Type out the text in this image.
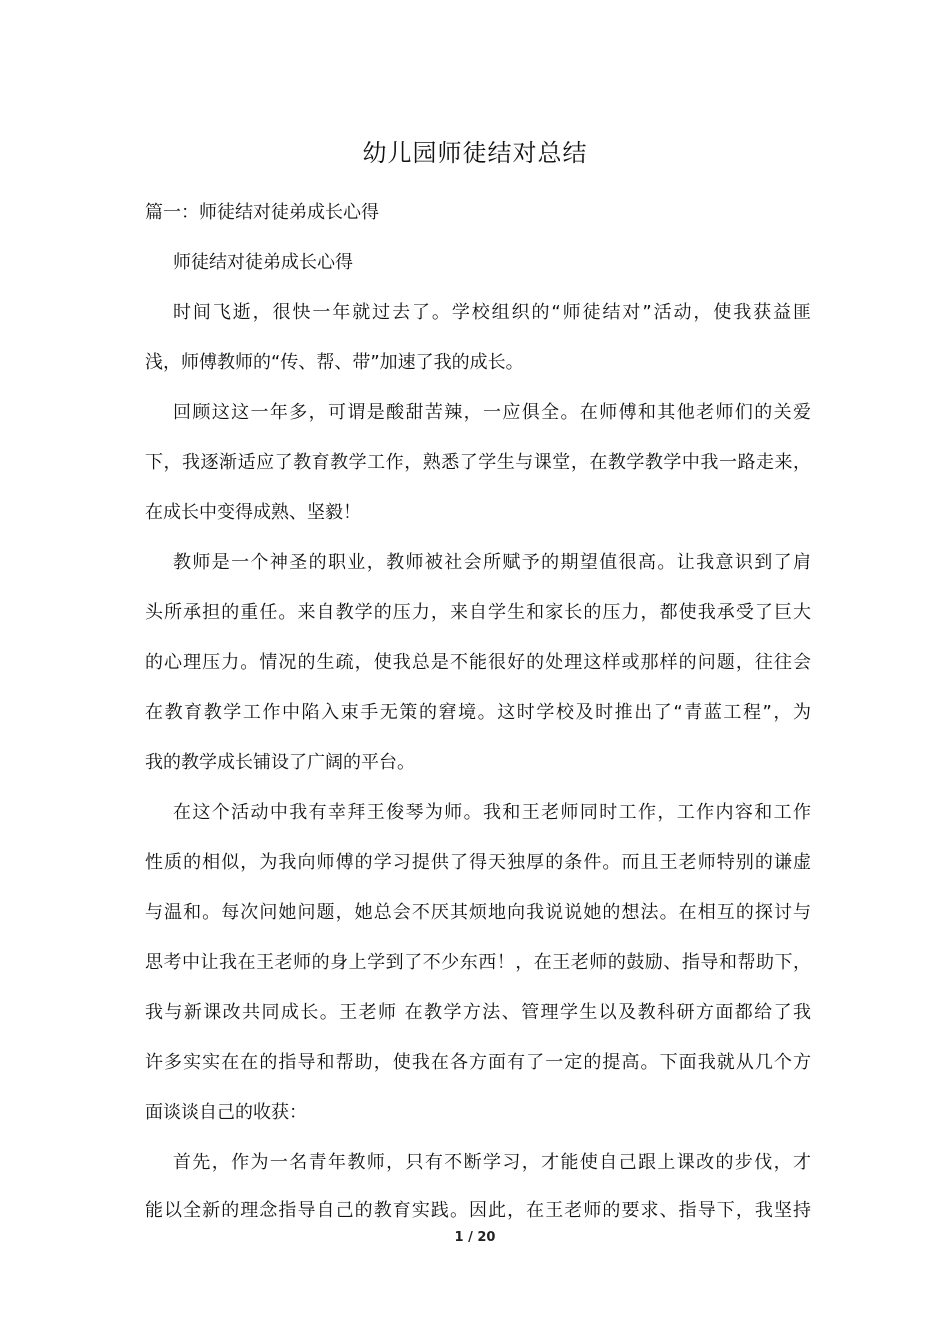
幼儿园师徒结对总结
篇一：师徒结对徒弟成长心得
师徒结对徒弟成长心得
时间飞逝，很快一年就过去了。学校组织的“师徒结对”活动，使我获益匪
浅，师傅教师的“传、帮、带”加速了我的成长。
回顾这这一年多，可谓是酸甜苦辣，一应俱全。在师傅和其他老师们的关爱
下，我逐渐适应了教育教学工作，熟悉了学生与课堂，在教学教学中我一路走来，
在成长中变得成熟、坚毅！
教师是一个神圣的职业，教师被社会所赋予的期望值很高。让我意识到了肩
头所承担的重任。来自教学的压力，来自学生和家长的压力，都使我承受了巨大
的心理压力。情况的生疏，使我总是不能很好的处理这样或那样的问题，往往会
在教育教学工作中陷入束手无策的窘境。这时学校及时推出了“青蓝工程”，为
我的教学成长铺设了广阔的平台。
在这个活动中我有幸拜王俊琴为师。我和王老师同时工作，工作内容和工作
性质的相似，为我向师傅的学习提供了得天独厚的条件。而且王老师特别的谦虚
与温和。每次问她问题，她总会不厌其烦地向我说说她的想法。在相互的探讨与
思考中让我在王老师的身上学到了不少东西！，在王老师的鼓励、指导和帮助下，
我与新课改共同成长。王老师 在教学方法、管理学生以及教科研方面都给了我
许多实实在在的指导和帮助，使我在各方面有了一定的提高。下面我就从几个方
面谈谈自己的收获：
首先，作为一名青年教师，只有不断学习，才能使自己跟上课改的步伐，才
能以全新的理念指导自己的教育实践。因此，在王老师的要求、指导下，我坚持
1 / 20
